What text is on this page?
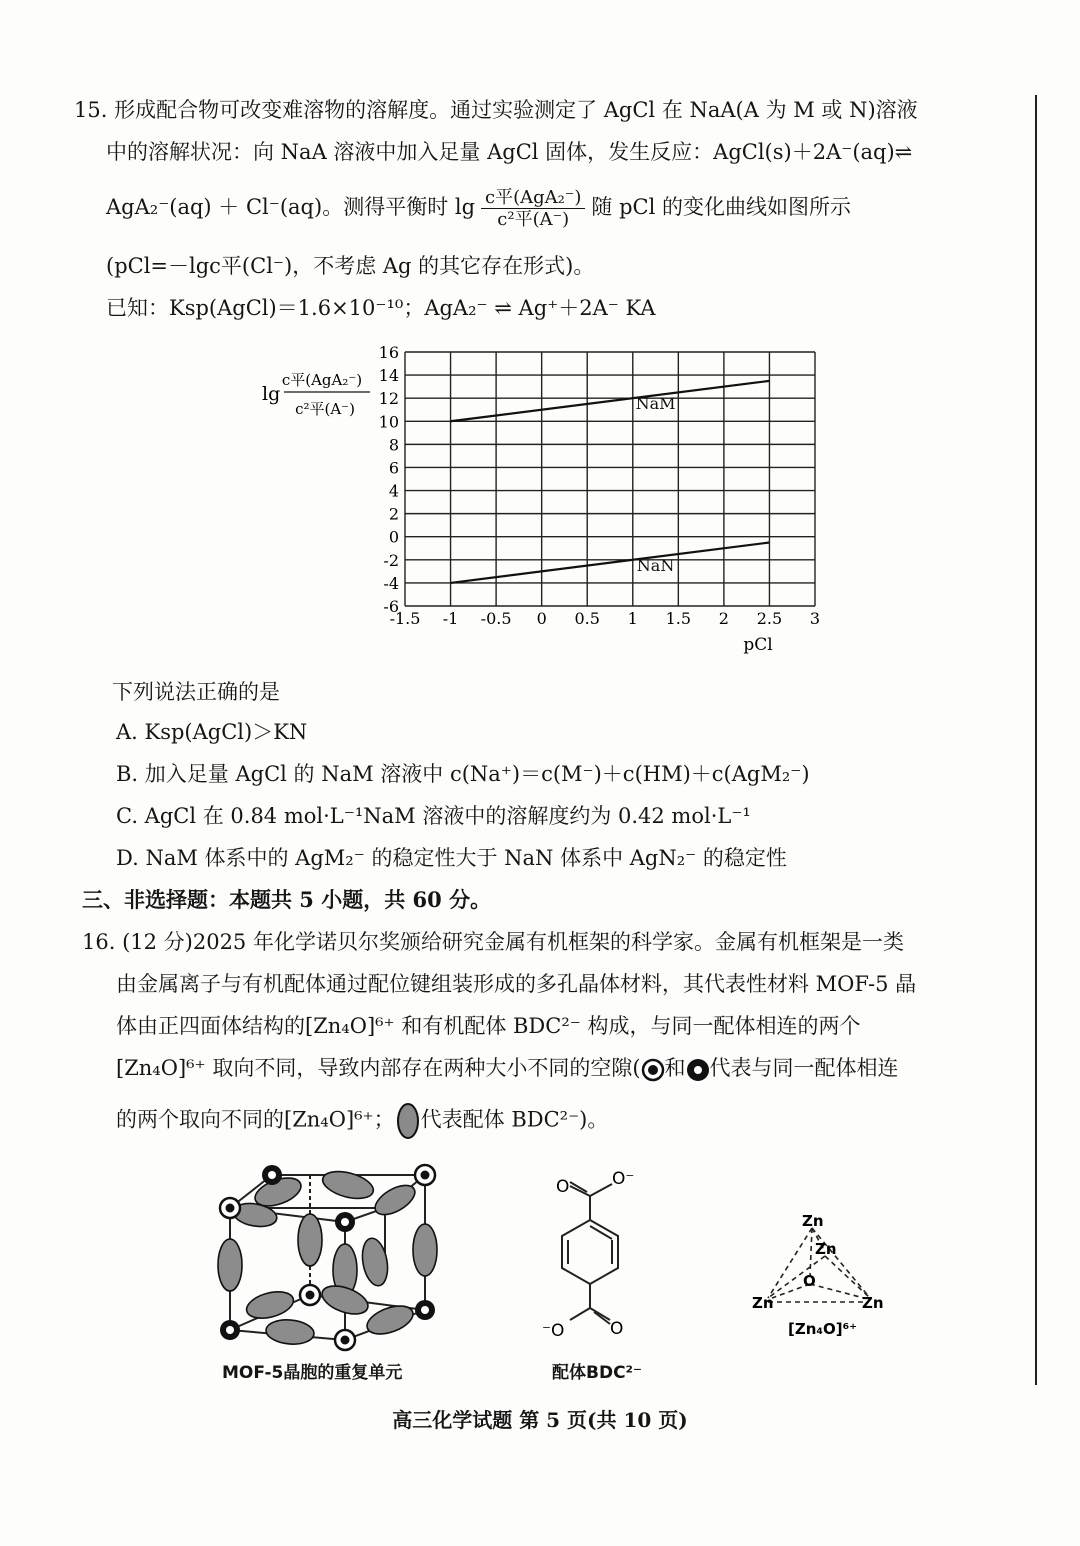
15. 形成配合物可改变难溶物的溶解度。通过实验测定了 AgCl 在 NaA(A 为 M 或 N)溶液
中的溶解状况：向 NaA 溶液中加入足量 AgCl 固体，发生反应：AgCl(s)＋2A⁻(aq)⇌
AgA₂⁻(aq) ＋ Cl⁻(aq)。测得平衡时 $\lg \frac{\text{c平(AgA₂⁻)}}{\text{c²平(A⁻)}}$ 随 pCl 的变化曲线如图所示
(pCl=－lgc平(Cl⁻)，不考虑 Ag 的其它存在形式)。
已知：Ksp(AgCl)＝1.6×10⁻¹⁰；AgA₂⁻ ⇌ Ag⁺＋2A⁻ KA
-1.5 -1 -0.5 0 0.5 1 1.5 2 2.5 3
16
14
12
10
8
6
4
2
0
-2
-4
-6
NaM
NaN
pCl
lg
c平(AgA₂⁻)
c²平(A⁻)
下列说法正确的是
A. Ksp(AgCl)＞KN
B. 加入足量 AgCl 的 NaM 溶液中 c(Na⁺)＝c(M⁻)＋c(HM)＋c(AgM₂⁻)
C. AgCl 在 0.84 mol·L⁻¹NaM 溶液中的溶解度约为 0.42 mol·L⁻¹
D. NaM 体系中的 AgM₂⁻ 的稳定性大于 NaN 体系中 AgN₂⁻ 的稳定性
三、非选择题：本题共 5 小题，共 60 分。
16. (12 分)2025 年化学诺贝尔奖颁给研究金属有机框架的科学家。金属有机框架是一类
由金属离子与有机配体通过配位键组装形成的多孔晶体材料，其代表性材料 MOF-5 晶
体由正四面体结构的[Zn₄O]⁶⁺ 和有机配体 BDC²⁻ 构成，与同一配体相连的两个
[Zn₄O]⁶⁺ 取向不同，导致内部存在两种大小不同的空隙( 和 代表与同一配体相连
的两个取向不同的[Zn₄O]⁶⁺； 代表配体 BDC²⁻)。
O	O⁻
⁻O	O
Zn
Zn
O
Zn	Zn
[Zn₄O]⁶⁺
MOF-5晶胞的重复单元	配体BDC²⁻
高三化学试题 第 5 页(共 10 页)
